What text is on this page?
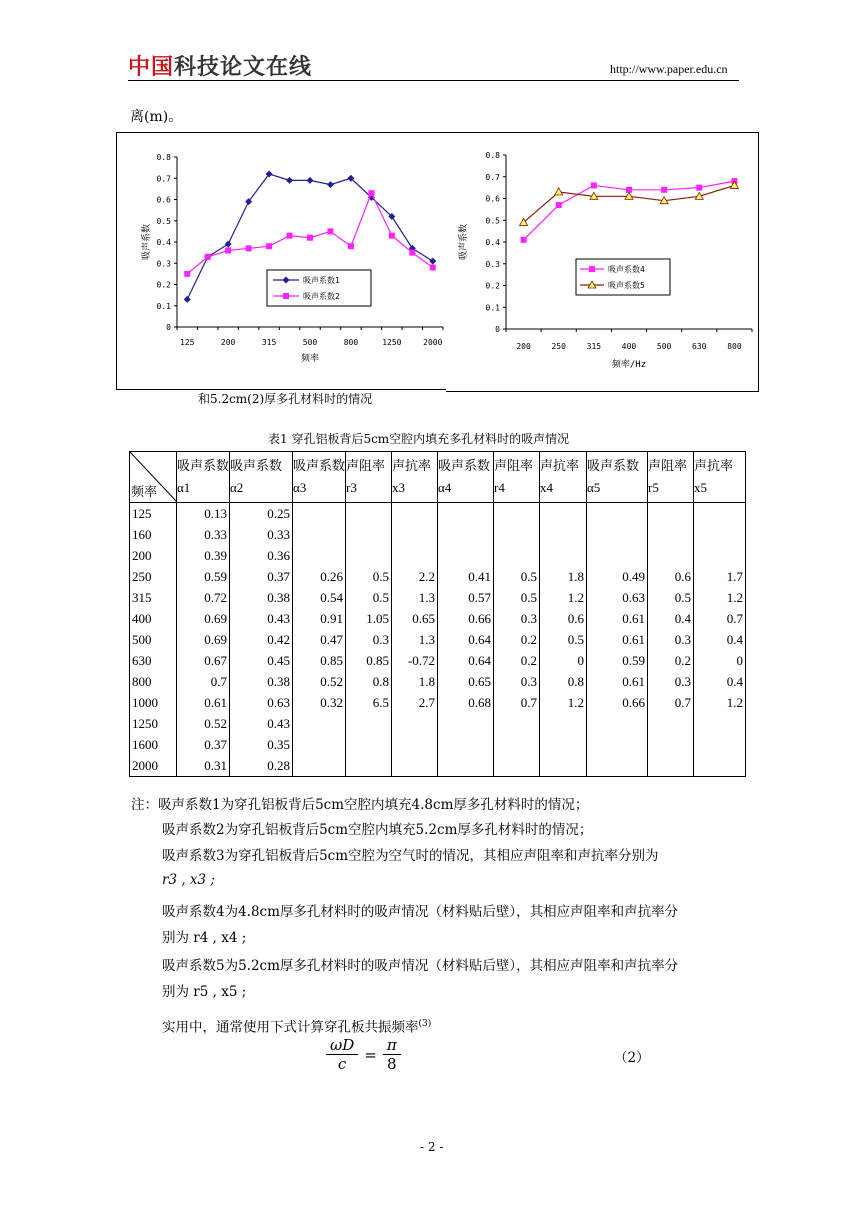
中国科技论文在线	http://www.paper.edu.cn
离(m)。
0
0.1
0.2
0.3
0.4
0.5
0.6
0.7
0.8
吸声系数
125	200	315	500	800	1250	2000
频率
吸声系数1
吸声系数2
0
0.1
0.2
0.3
0.4
0.5
0.6
0.7
0.8
吸声系数
200	250	315	400	500	630	800
频率/Hz
吸声系数4
吸声系数5
和5.2cm(2)厚多孔材料时的情况
表1 穿孔铝板背后5cm空腔内填充多孔材料时的吸声情况
频率	吸声系数α1	吸声系数α2	吸声系数α3	声阻率r3	声抗率x3	吸声系数α4	声阻率r4	声抗率x4	吸声系数α5	声阻率r5	声抗率x5
125	0.13	0.25									
160	0.33	0.33									
200	0.39	0.36									
250	0.59	0.37	0.26	0.5	2.2	0.41	0.5	1.8	0.49	0.6	1.7
315	0.72	0.38	0.54	0.5	1.3	0.57	0.5	1.2	0.63	0.5	1.2
400	0.69	0.43	0.91	1.05	0.65	0.66	0.3	0.6	0.61	0.4	0.7
500	0.69	0.42	0.47	0.3	1.3	0.64	0.2	0.5	0.61	0.3	0.4
630	0.67	0.45	0.85	0.85	-0.72	0.64	0.2	0	0.59	0.2	0
800	0.7	0.38	0.52	0.8	1.8	0.65	0.3	0.8	0.61	0.3	0.4
1000	0.61	0.63	0.32	6.5	2.7	0.68	0.7	1.2	0.66	0.7	1.2
1250	0.52	0.43									
1600	0.37	0.35									
2000	0.31	0.28									
注：吸声系数1为穿孔铝板背后5cm空腔内填充4.8cm厚多孔材料时的情况；
吸声系数2为穿孔铝板背后5cm空腔内填充5.2cm厚多孔材料时的情况；
吸声系数3为穿孔铝板背后5cm空腔为空气时的情况，其相应声阻率和声抗率分别为
r3 , x3 ;
吸声系数4为4.8cm厚多孔材料时的吸声情况（材料贴后壁），其相应声阻率和声抗率分
别为 r4 , x4 ;
吸声系数5为5.2cm厚多孔材料时的吸声情况（材料贴后壁），其相应声阻率和声抗率分
别为 r5 , x5 ;
实用中，通常使用下式计算穿孔板共振频率$^{(3)}$
ωD	=	π
c		8	（2）
- 2 -
